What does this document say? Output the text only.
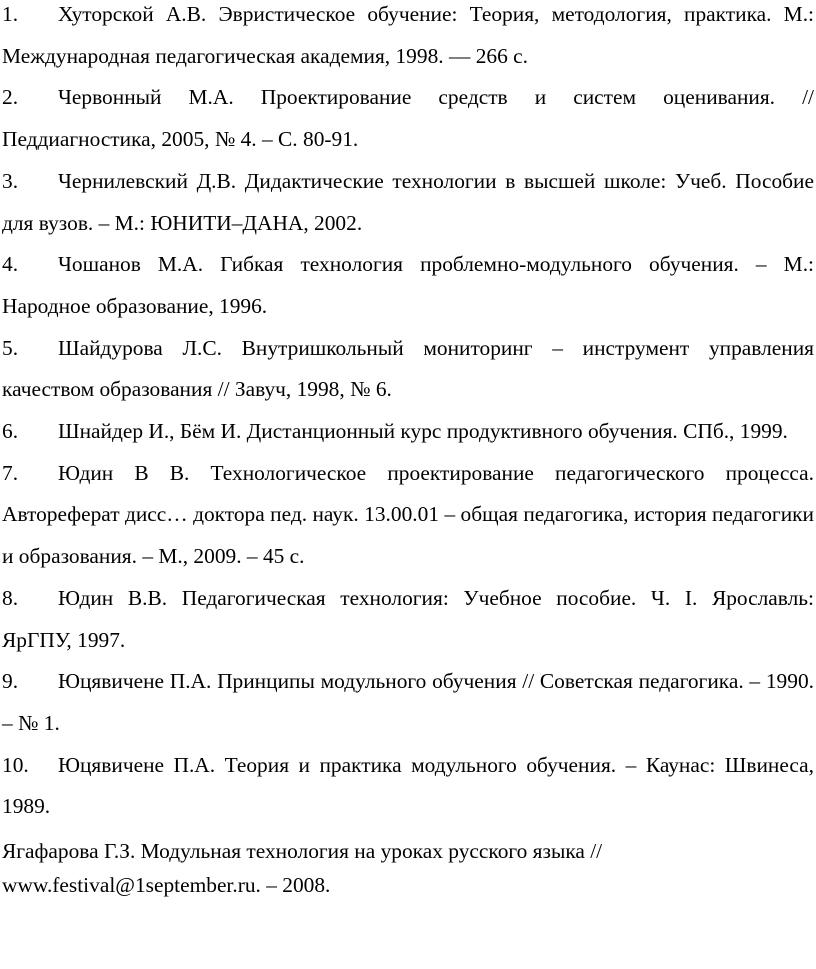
1. Хуторской А.В. Эвристическое обучение: Теория, методология, практика. М.: Международная педагогическая академия, 1998. — 266 с.
2. Червонный М.А. Проектирование средств и систем оценивания. // Педдиагностика, 2005, № 4. – С. 80-91.
3. Чернилевский Д.В. Дидактические технологии в высшей школе: Учеб. Пособие для вузов. – М.: ЮНИТИ–ДАНА, 2002.
4. Чошанов М.А. Гибкая технология проблемно-модульного обучения. – М.: Народное образование, 1996.
5. Шайдурова Л.С. Внутришкольный мониторинг – инструмент управления качеством образования // Завуч, 1998, № 6.
6. Шнайдер И., Бём И. Дистанционный курс продуктивного обучения. СПб., 1999.
7. Юдин В В. Технологическое проектирование педагогического процесса. Автореферат дисс… доктора пед. наук. 13.00.01 – общая педагогика, история педагогики и образования. – М., 2009. – 45 с.
8. Юдин В.В. Педагогическая технология: Учебное пособие. Ч. I. Ярославль: ЯрГПУ, 1997.
9. Юцявичене П.А. Принципы модульного обучения // Советская педагогика. – 1990. – № 1.
10. Юцявичене П.А. Теория и практика модульного обучения. – Каунас: Швинеса, 1989.
Ягафарова Г.З. Модульная технология на уроках русского языка //
www.festival@1september.ru. – 2008.
